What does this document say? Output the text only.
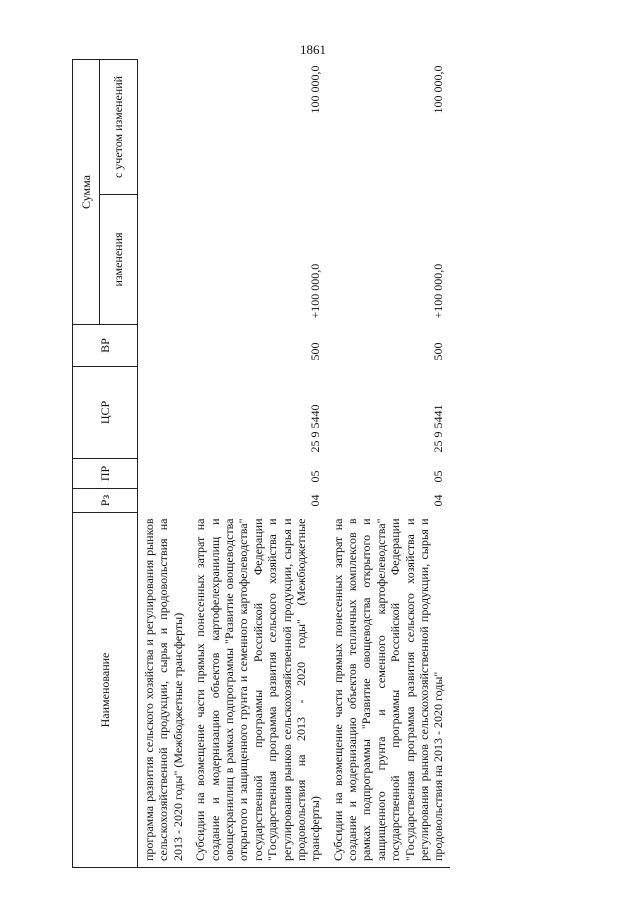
1861
Наименование	Рз	ПР	ЦСР	ВР	Сумма	
					изменения	с учетом изменений
программа развития сельского хозяйства и регулирования рынков сельскохозяйственной продукции, сырья и продовольствия на 2013 - 2020 годы" (Межбюджетные трансферты)						
Субсидии на возмещение части прямых понесенных затрат на создание и модернизацию объектов картофелехранилищ и овощехранилищ в рамках подпрограммы "Развитие овощеводства открытого и защищенного грунта и семенного картофелеводства" государственной программы Российской Федерации "Государственная программа развития сельского хозяйства и регулирования рынков сельскохозяйственной продукции, сырья и продовольствия на 2013 - 2020 годы" (Межбюджетные трансферты)	04	05	25 9 5440	500	+100 000,0	100 000,0
Субсидии на возмещение части прямых понесенных затрат на создание и модернизацию объектов тепличных комплексов в рамках подпрограммы "Развитие овощеводства открытого и защищенного грунта и семенного картофелеводства" государственной программы Российской Федерации "Государственная программа развития сельского хозяйства и регулирования рынков сельскохозяйственной продукции, сырья и продовольствия на 2013 - 2020 годы"	04	05	25 9 5441	500	+100 000,0	100 000,0
